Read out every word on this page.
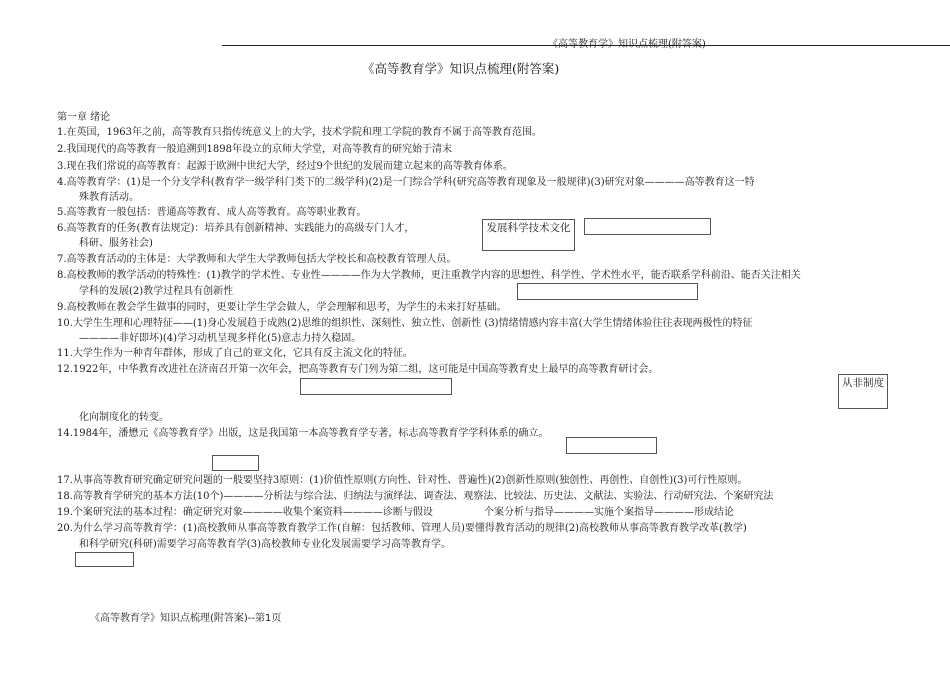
《高等教育学》知识点梳理(附答案)
《高等教育学》知识点梳理(附答案)
第一章 绪论
1.在英国，1963年之前，高等教育只指传统意义上的大学，技术学院和理工学院的教育不属于高等教育范围。
2.我国现代的高等教育一般追溯到1898年设立的京师大学堂，对高等教育的研究始于清末
3.现在我们常说的高等教育：起源于欧洲中世纪大学，经过9个世纪的发展而建立起来的高等教育体系。
4.高等教育学：(1)是一个分支学科(教育学一级学科门类下的二级学科)(2)是一门综合学科(研究高等教育现象及一般规律)(3)研究对象————高等教育这一特
殊教育活动。
5.高等教育一般包括：普通高等教育、成人高等教育。高等职业教育。
6.高等教育的任务(教育法规定)：培养具有创新精神、实践能力的高级专门人才，
科研、服务社会)
发展科学技术文化
7.高等教育活动的主体是：大学教师和大学生大学教师包括大学校长和高校教育管理人员。
8.高校教师的教学活动的特殊性：(1)教学的学术性、专业性————作为大学教师，更注重教学内容的思想性、科学性、学术性水平，能否联系学科前沿、能否关注相关
学科的发展(2)教学过程具有创新性
9.高校教师在教会学生做事的同时，更要让学生学会做人，学会理解和思考，为学生的未来打好基础。
10.大学生生理和心理特征——(1)身心发展趋于成熟(2)思维的组织性、深刻性、独立性、创新性 (3)情绪情感内容丰富(大学生情绪体验往往表现两极性的特征
————非好即坏)(4)学习动机呈现多样化(5)意志力持久稳固。
11.大学生作为一种青年群体，形成了自己的亚文化，它具有反主流文化的特征。
12.1922年，中华教育改进社在济南召开第一次年会，把高等教育专门列为第二组，这可能是中国高等教育史上最早的高等教育研讨会。
从非制度
化向制度化的转变。
14.1984年，潘懋元《高等教育学》出版，这是我国第一本高等教育学专著，标志高等教育学学科体系的确立。
17.从事高等教育研究确定研究问题的一般要坚持3原则：(1)价值性原则(方向性、针对性、普遍性)(2)创新性原则(独创性、再创性、自创性)(3)可行性原则。
18.高等教育学研究的基本方法(10个)————分析法与综合法、归纳法与演绎法、调查法、观察法、比较法、历史法、文献法、实验法、行动研究法、个案研究法
19.个案研究法的基本过程：确定研究对象————收集个案资料————诊断与假设	个案分析与指导————实施个案指导————形成结论
20.为什么学习高等教育学：(1)高校教师从事高等教育教学工作(自解：包括教师、管理人员)要懂得教育活动的规律(2)高校教师从事高等教育教学改革(教学)
和科学研究(科研)需要学习高等教育学(3)高校教师专业化发展需要学习高等教育学。
《高等教育学》知识点梳理(附答案)--第1页
